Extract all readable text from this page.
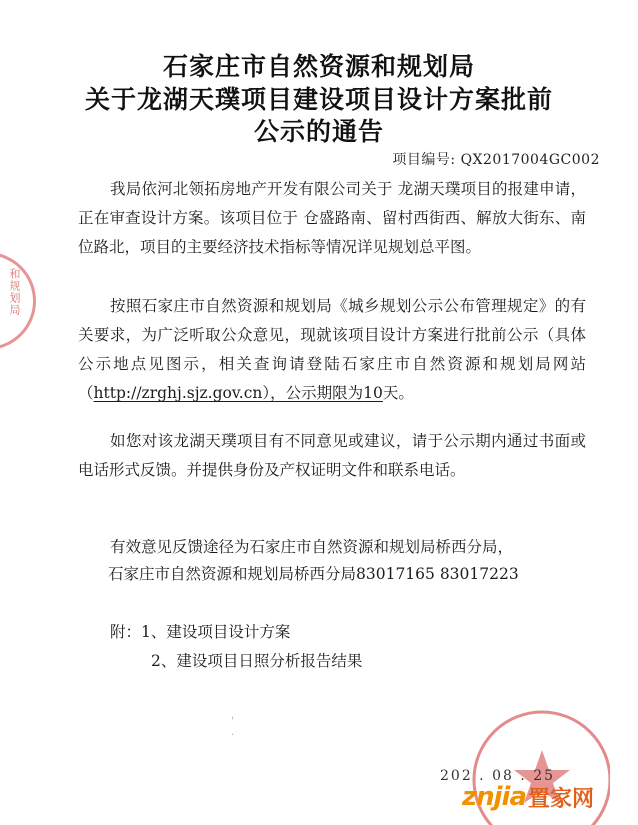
石家庄市自然资源和规划局
关于龙湖天璞项目建设项目设计方案批前
公示的通告
项目编号: QX2017004GC002

我局依河北领拓房地产开发有限公司关于 龙湖天璞项目的报建申请，正在审查设计方案。该项目位于 仓盛路南、留村西街西、解放大街东、南位路北，项目的主要经济技术指标等情况详见规划总平图。

按照石家庄市自然资源和规划局《城乡规划公示公布管理规定》的有关要求，为广泛听取公众意见，现就该项目设计方案进行批前公示（具体公示地点见图示，相关查询请登陆石家庄市自然资源和规划局网站（http://zrghj.sjz.gov.cn），公示期限为10天。

如您对该龙湖天璞项目有不同意见或建议，请于公示期内通过书面或电话形式反馈。并提供身份及产权证明文件和联系电话。

有效意见反馈途径为石家庄市自然资源和规划局桥西分局，

石家庄市自然资源和规划局桥西分局83017165 83017223
附：1、建设项目设计方案
2、建设项目日照分析报告结果
'
·
和规划局
202 . 08 . 25
znjia 置家网
